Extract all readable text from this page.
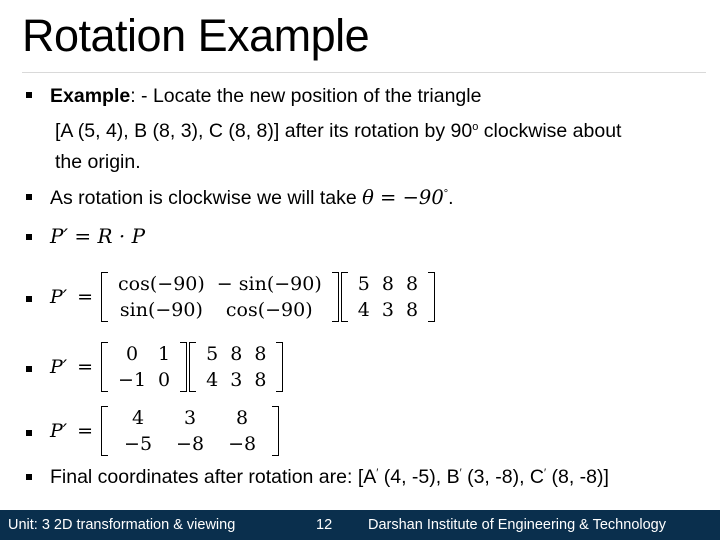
Rotation Example
Example: - Locate the new position of the triangle
[A (5, 4), B (8, 3), C (8, 8)] after its rotation by 90$^o$ clockwise about
the origin.
As rotation is clockwise we will take θ = −90°.
P′ = R · P
P′ =
cos(−90) − sin(−90)
sin(−90)	cos(−90)
5 8 8
4 3 8
P′ =
0	1
−1 0
5 8 8
4 3 8
P′ =
4	3	8
−5	−8	−8
Final coordinates after rotation are: [A′ (4, -5), B′ (3, -8), C′ (8, -8)]
Unit: 3 2D transformation & viewing	12 Darshan Institute of Engineering & Technology
